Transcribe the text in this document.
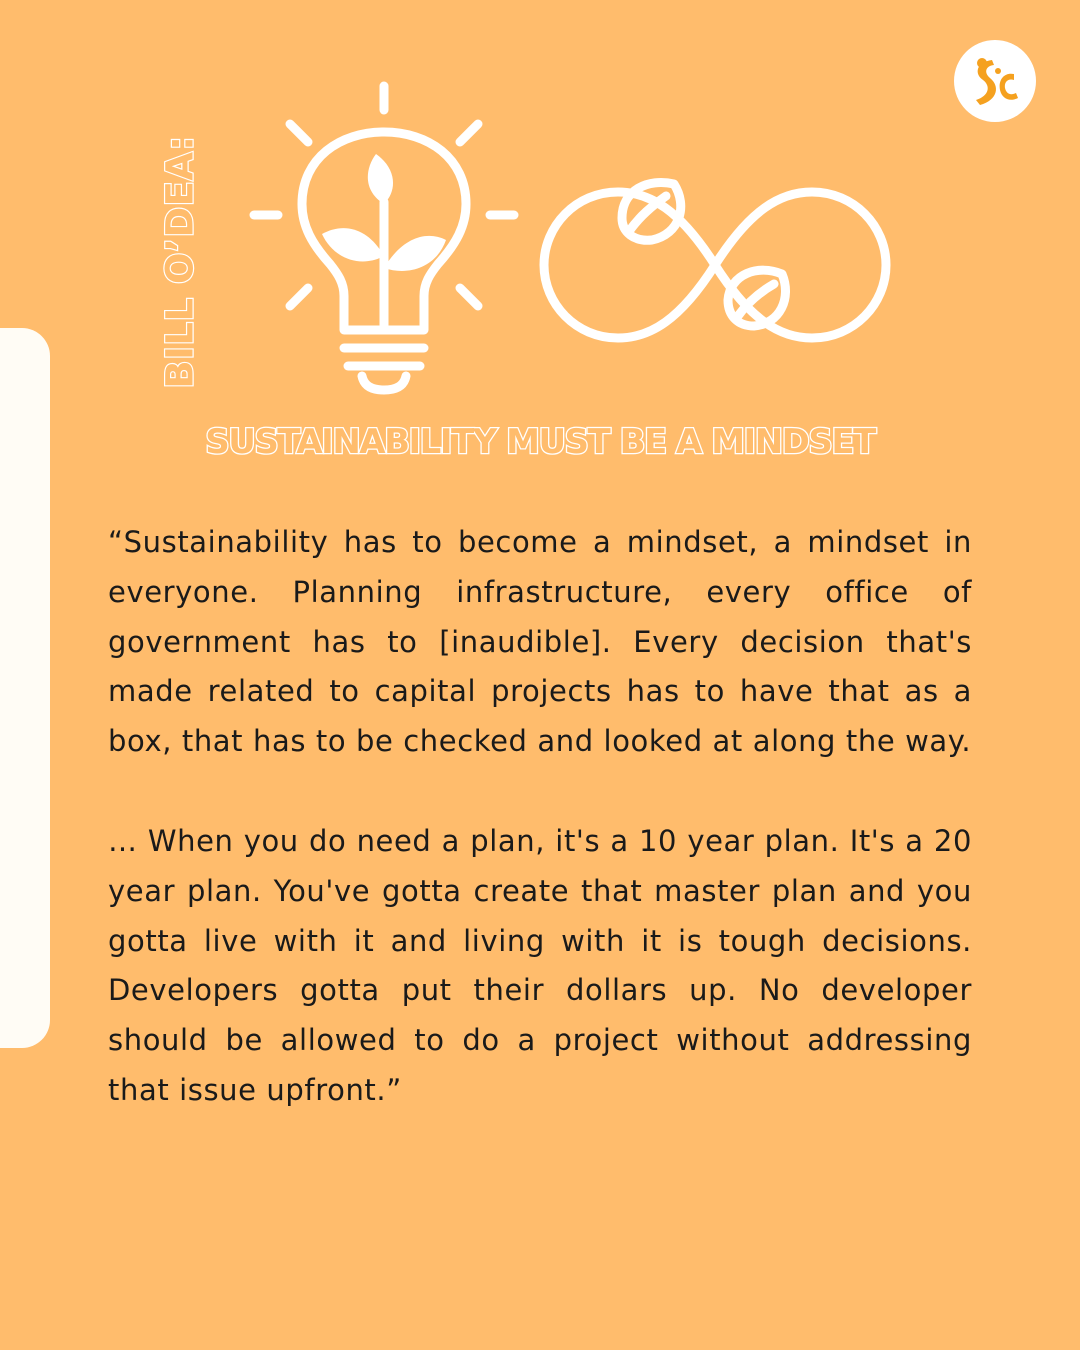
BILL O’DEA:
SUSTAINABILITY MUST BE A MINDSET

“Sustainability has to become a mindset, a mindset in everyone. Planning infrastructure, every office of government has to [inaudible]. Every decision that's made related to capital projects has to have that as a box, that has to be checked and looked at along the way.

… When you do need a plan, it's a 10 year plan. It's a 20 year plan. You've gotta create that master plan and you gotta live with it and living with it is tough decisions. Developers gotta put their dollars up. No developer should be allowed to do a project without addressing that issue upfront.”
